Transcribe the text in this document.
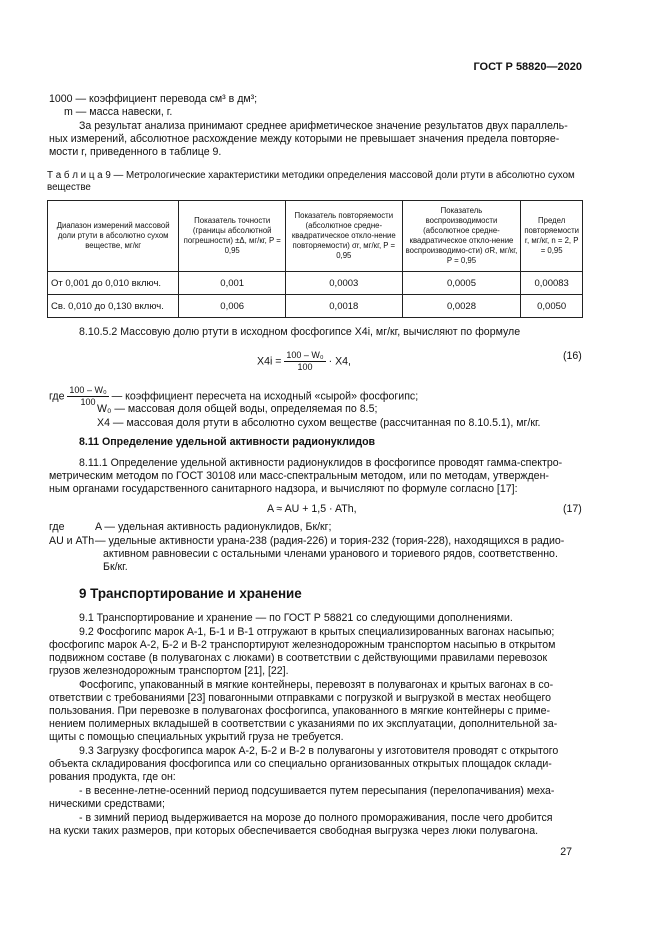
ГОСТ Р 58820—2020
1000 — коэффициент перевода см³ в дм³;
m — масса навески, г.
За результат анализа принимают среднее арифметическое значение результатов двух параллель-
ных измерений, абсолютное расхождение между которыми не превышает значения предела повторяе-
мости r, приведенного в таблице 9.
Т а б л и ц а 9 — Метрологические характеристики методики определения массовой доли ртути в абсолютно сухом
веществе
Диапазон измерений массовой доли ртути в абсолютно сухом веществе, мг/кг	Показатель точности (границы абсолютной погрешности) ±Δ, мг/кг, P = 0,95	Показатель повторяемости (абсолютное средне-квадратическое откло-нение повторяемости) σr, мг/кг, P = 0,95	Показатель воспроизводимости (абсолютное средне-квадратическое откло-нение воспроизводимо-сти) σR, мг/кг, P = 0,95	Предел повторяемости r, мг/кг, n = 2, P = 0,95
От 0,001 до 0,010 включ.	0,001	0,0003	0,0005	0,00083
Св. 0,010 до 0,130 включ.	0,006	0,0018	0,0028	0,0050
8.10.5.2 Массовую долю ртути в исходном фосфогипсе X4i, мг/кг, вычисляют по формуле
$X4i = \frac{\text{100 – W₀}}{100} \cdot X4$,	(16)
где $\frac{\text{100 – W₀}}{100}$ — коэффициент пересчета на исходный «сырой» фосфогипс;
W₀ — массовая доля общей воды, определяемая по 8.5;
X4 — массовая доля ртути в абсолютно сухом веществе (рассчитанная по 8.10.5.1), мг/кг.
8.11 Определение удельной активности радионуклидов
8.11.1 Определение удельной активности радионуклидов в фосфогипсе проводят гамма-спектро-
метрическим методом по ГОСТ 30108 или масс-спектральным методом, или по методам, утвержден-
ным органами государственного санитарного надзора, и вычисляют по формуле согласно [17]:
A ≈ AU + 1,5 · ATh,	(17)
где	A — удельная активность радионуклидов, Бк/кг;
AU и ATh — удельные активности урана-238 (радия-226) и тория-232 (тория-228), находящихся в радио-
активном равновесии с остальными членами уранового и ториевого рядов, соответственно.
Бк/кг.
9 Транспортирование и хранение
9.1 Транспортирование и хранение — по ГОСТ Р 58821 со следующими дополнениями.
9.2 Фосфогипс марок А-1, Б-1 и В-1 отгружают в крытых специализированных вагонах насыпью;
фосфогипс марок А-2, Б-2 и В-2 транспортируют железнодорожным транспортом насыпью в открытом
подвижном составе (в полувагонах с люками) в соответствии с действующими правилами перевозок
грузов железнодорожным транспортом [21], [22].
Фосфогипс, упакованный в мягкие контейнеры, перевозят в полувагонах и крытых вагонах в со-
ответствии с требованиями [23] повагонными отправками с погрузкой и выгрузкой в местах необщего
пользования. При перевозке в полувагонах фосфогипса, упакованного в мягкие контейнеры с приме-
нением полимерных вкладышей в соответствии с указаниями по их эксплуатации, дополнительной за-
щиты с помощью специальных укрытий груза не требуется.
9.3 Загрузку фосфогипса марок А-2, Б-2 и В-2 в полувагоны у изготовителя проводят с открытого
объекта складирования фосфогипса или со специально организованных открытых площадок склади-
рования продукта, где он:
- в весенне-летне-осенний период подсушивается путем пересыпания (перелопачивания) меха-
ническими средствами;
- в зимний период выдерживается на морозе до полного промораживания, после чего дробится
на куски таких размеров, при которых обеспечивается свободная выгрузка через люки полувагона.
27
